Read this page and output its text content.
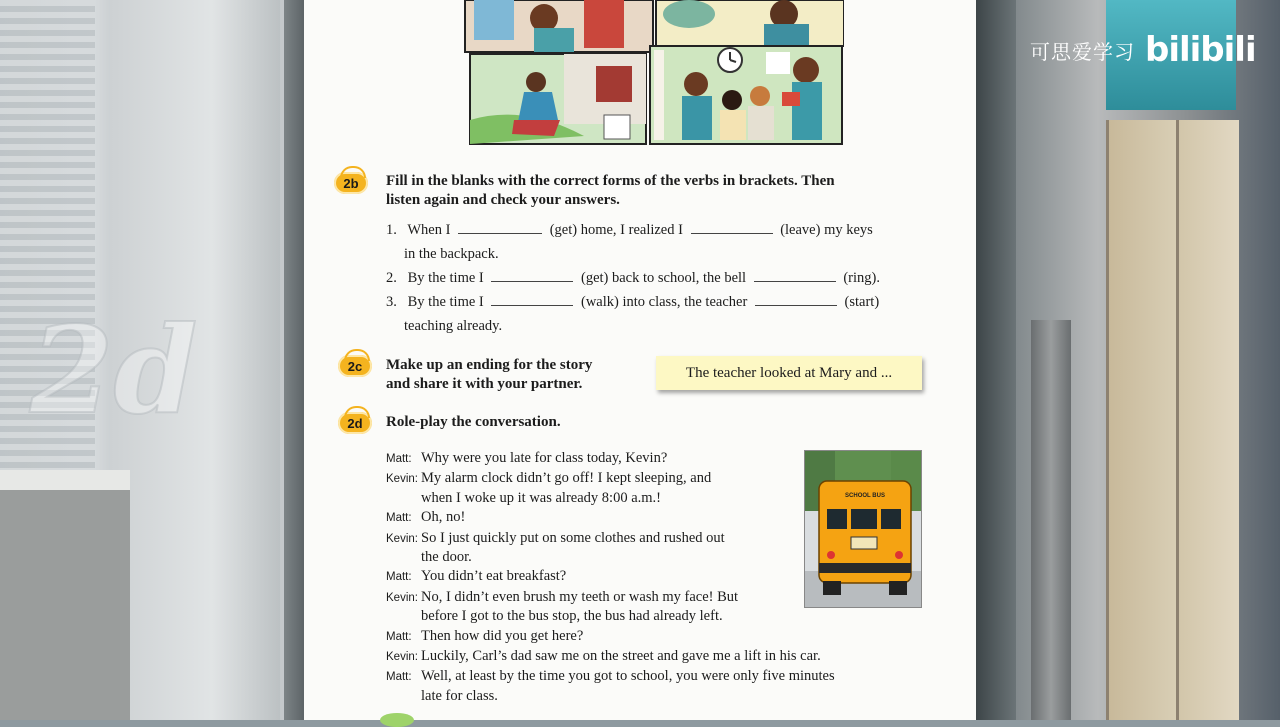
2d
可思爱学习 bilibili
2b Fill in the blanks with the correct forms of the verbs in brackets. Then
listen again and check your answers.
1. When I	(get) home, I realized I	(leave) my keys
in the backpack.
2. By the time I	(get) back to school, the bell	(ring).
3. By the time I	(walk) into class, the teacher	(start)
teaching already.
2c Make up an ending for the story
and share it with your partner.
The teacher looked at Mary and ...
2d Role-play the conversation.
Matt: Why were you late for class today, Kevin?
Kevin: My alarm clock didn’t go off! I kept sleeping, and
when I woke up it was already 8:00 a.m.!
Matt: Oh, no!
Kevin: So I just quickly put on some clothes and rushed out
the door.
Matt: You didn’t eat breakfast?
Kevin: No, I didn’t even brush my teeth or wash my face! But
before I got to the bus stop, the bus had already left.
Matt: Then how did you get here?
Kevin: Luckily, Carl’s dad saw me on the street and gave me a lift in his car.
Matt: Well, at least by the time you got to school, you were only five minutes
late for class.
SCHOOL BUS
